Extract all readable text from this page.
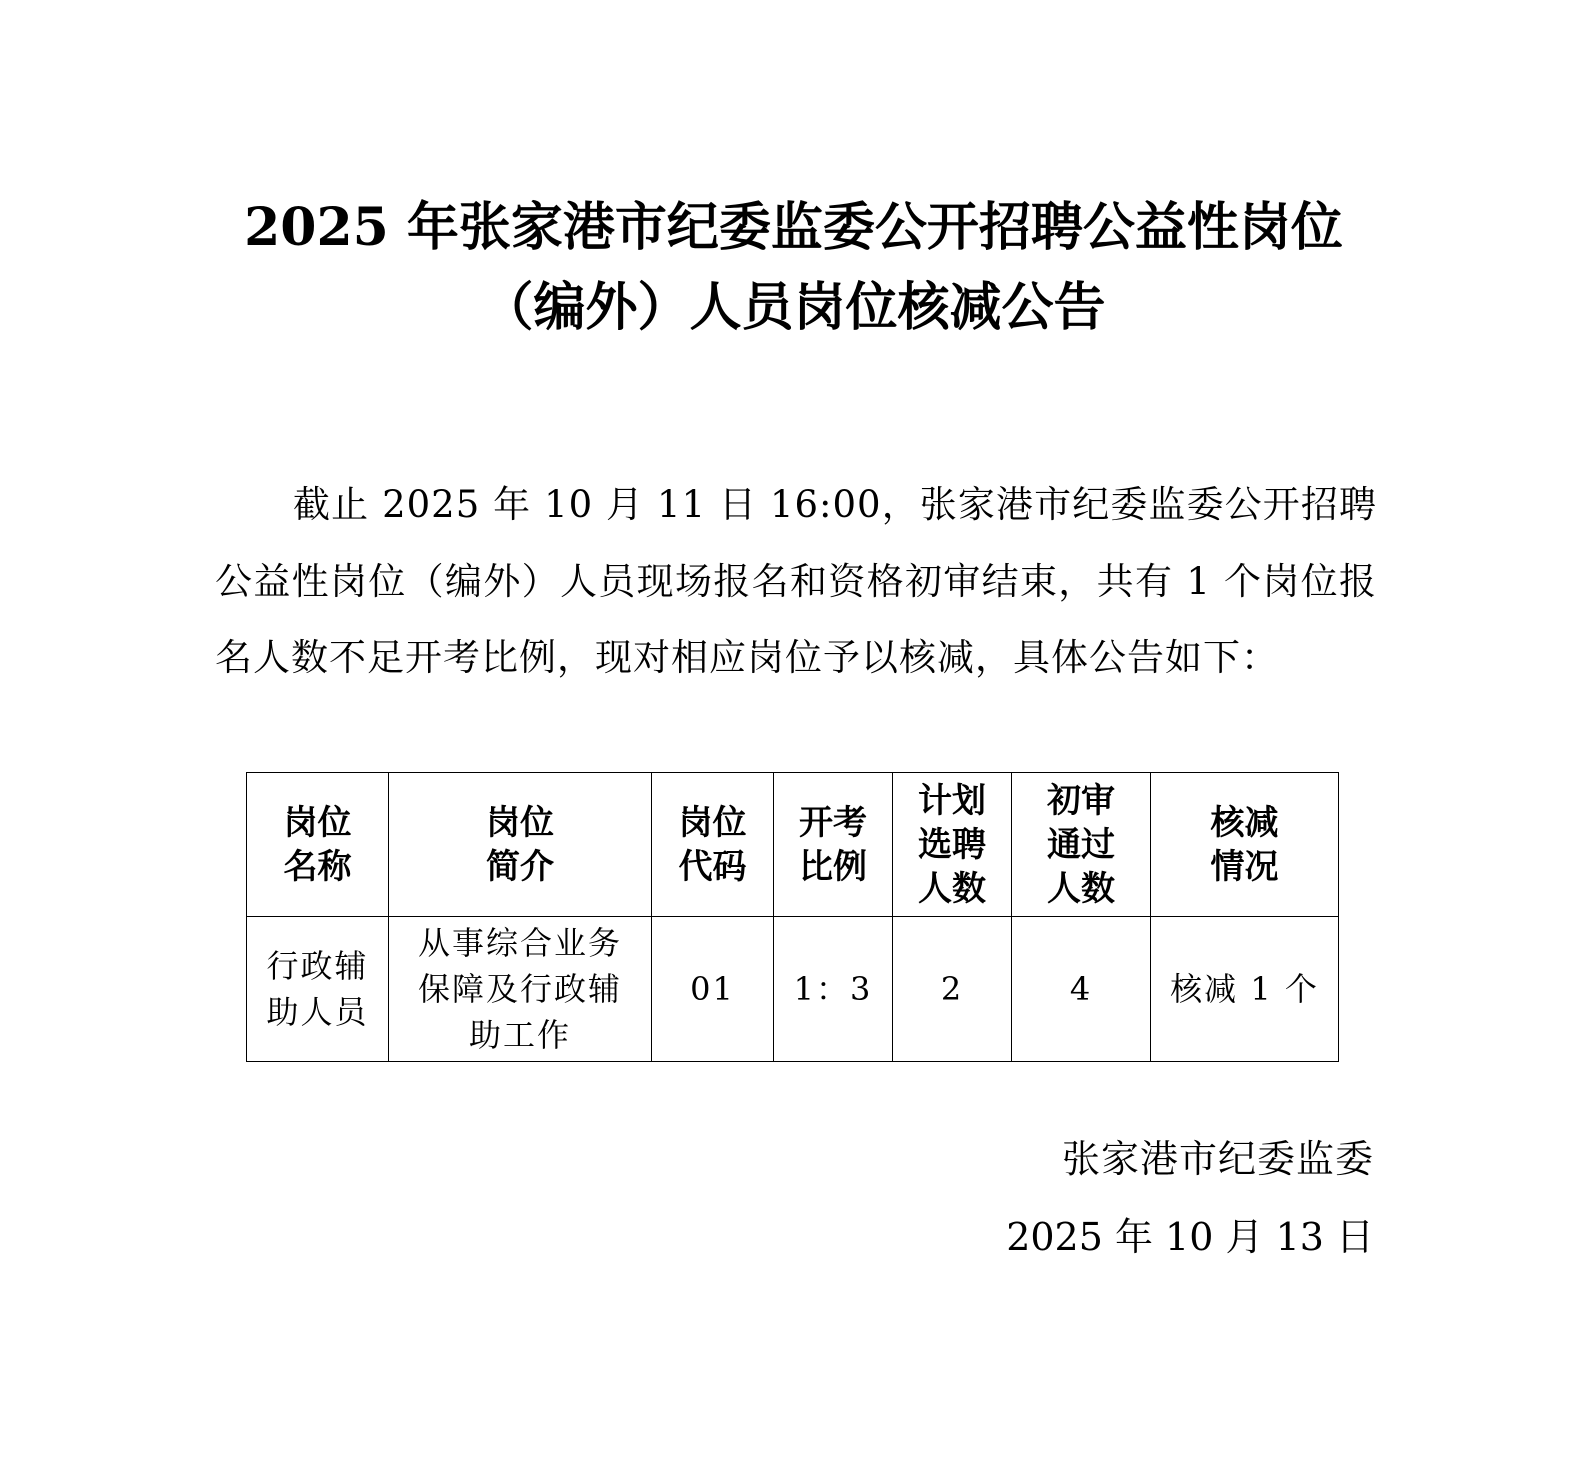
2025 年张家港市纪委监委公开招聘公益性岗位
（编外）人员岗位核减公告

截止 2025 年 10 月 11 日 16:00，张家港市纪委监委公开招聘公益性岗位（编外）人员现场报名和资格初审结束，共有 1 个岗位报名人数不足开考比例，现对相应岗位予以核减，具体公告如下：

岗位
名称	岗位
简介	岗位
代码	开考
比例	计划
选聘
人数	初审
通过
人数	核减
情况
行政辅
助人员	从事综合业务
保障及行政辅
助工作	01	1：3	2	4	核减 1 个
张家港市纪委监委
2025 年 10 月 13 日
